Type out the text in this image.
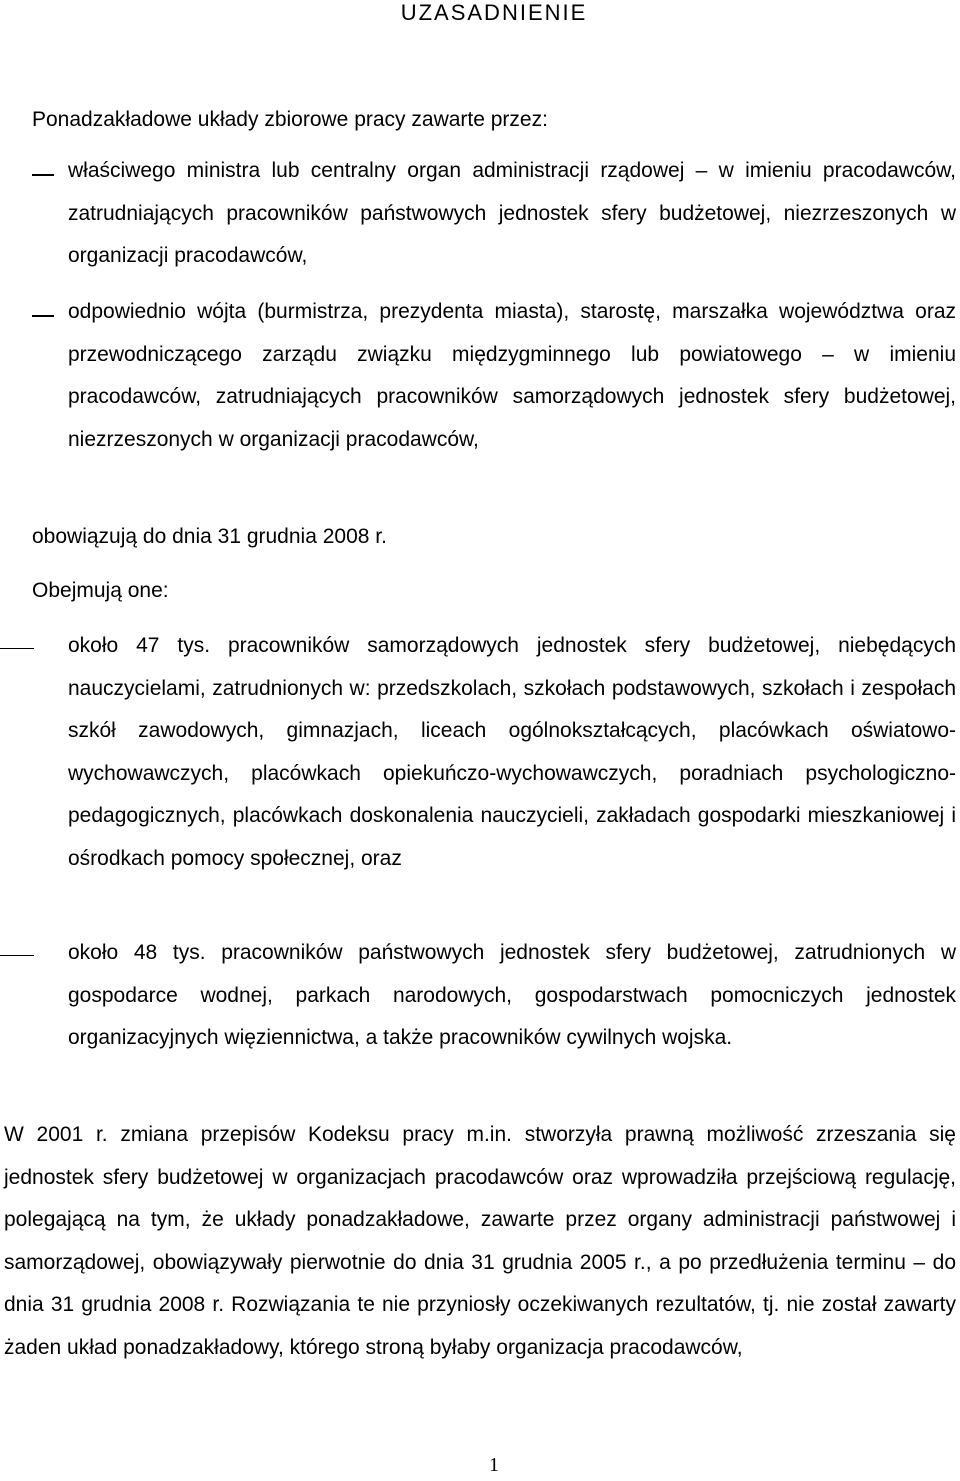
UZASADNIENIE

Ponadzakładowe układy zbiorowe pracy zawarte przez:

właściwego ministra lub centralny organ administracji rządowej – w imieniu pracodawców, zatrudniających pracowników państwowych jednostek sfery budżetowej, niezrzeszonych w organizacji pracodawców,

odpowiednio wójta (burmistrza, prezydenta miasta), starostę, marszałka województwa oraz przewodniczącego zarządu związku międzygminnego lub powiatowego – w imieniu pracodawców, zatrudniających pracowników samorządowych jednostek sfery budżetowej, niezrzeszonych w organizacji pracodawców,

obowiązują do dnia 31 grudnia 2008 r.

Obejmują one:

około 47 tys. pracowników samorządowych jednostek sfery budżetowej, niebędących nauczycielami, zatrudnionych w: przedszkolach, szkołach podstawowych, szkołach i zespołach szkół zawodowych, gimnazjach, liceach ogólnokształcących, placówkach oświatowo-wychowawczych, placówkach opiekuńczo-wychowawczych, poradniach psychologiczno-pedagogicznych, placówkach doskonalenia nauczycieli, zakładach gospodarki mieszkaniowej i ośrodkach pomocy społecznej, oraz

około 48 tys. pracowników państwowych jednostek sfery budżetowej, zatrudnionych w gospodarce wodnej, parkach narodowych, gospodarstwach pomocniczych jednostek organizacyjnych więziennictwa, a także pracowników cywilnych wojska.

W 2001 r. zmiana przepisów Kodeksu pracy m.in. stworzyła prawną możliwość zrzeszania się jednostek sfery budżetowej w organizacjach pracodawców oraz wprowadziła przejściową regulację, polegającą na tym, że układy ponadzakładowe, zawarte przez organy administracji państwowej i samorządowej, obowiązywały pierwotnie do dnia 31 grudnia 2005 r., a po przedłużenia terminu – do dnia 31 grudnia 2008 r. Rozwiązania te nie przyniosły oczekiwanych rezultatów, tj. nie został zawarty żaden układ ponadzakładowy, którego stroną byłaby organizacja pracodawców,

1
